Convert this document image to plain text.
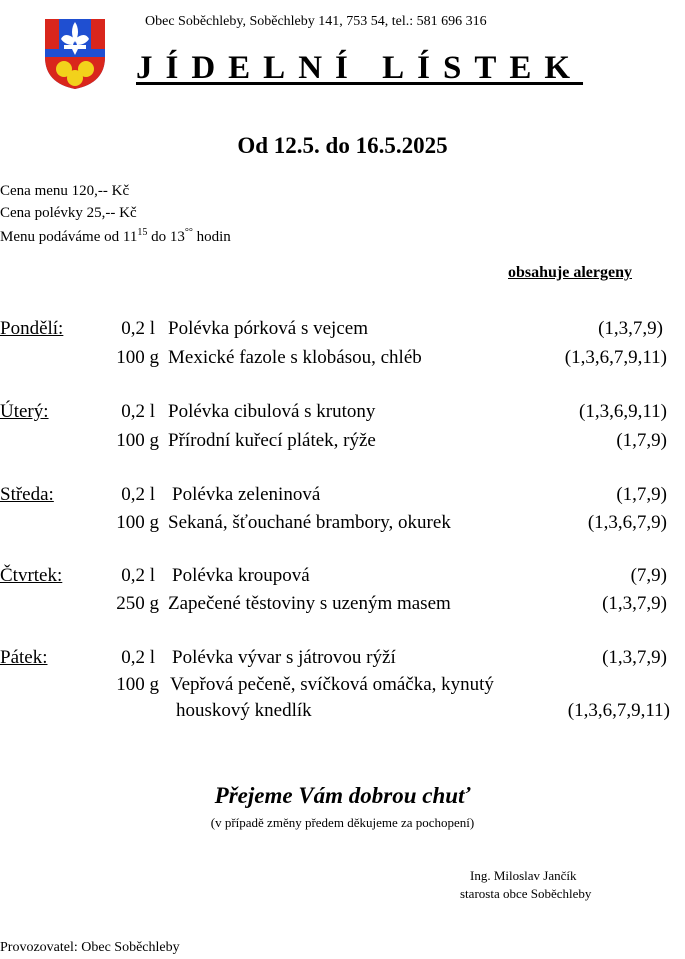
Obec Soběchleby, Soběchleby 141, 753 54, tel.: 581 696 316
JÍDELNÍ LÍSTEK
Od 12.5. do 16.5.2025
Cena menu 120,-- Kč
Cena polévky 25,-- Kč
Menu podáváme od $11^{15}$ do 13°° hodin
obsahuje alergeny
Pondělí:	0,2 l Polévka pórková s vejcem	(1,3,7,9)
100 g Mexické fazole s klobásou, chléb	(1,3,6,7,9,11)
Úterý:	0,2 l Polévka cibulová s krutony	(1,3,6,9,11)
100 g Přírodní kuřecí plátek, rýže	(1,7,9)
Středa:	0,2 l Polévka zeleninová	(1,7,9)
100 g Sekaná, šťouchané brambory, okurek	(1,3,6,7,9)
Čtvrtek:	0,2 l Polévka kroupová	(7,9)
250 g Zapečené těstoviny s uzeným masem	(1,3,7,9)
Pátek:	0,2 l Polévka vývar s játrovou rýží	(1,3,7,9)
100 g Vepřová pečeně, svíčková omáčka, kynutý
houskový knedlík	(1,3,6,7,9,11)
Přejeme Vám dobrou chuť
(v případě změny předem děkujeme za pochopení)
Ing. Miloslav Jančík
starosta obce Soběchleby
Provozovatel: Obec Soběchleby
